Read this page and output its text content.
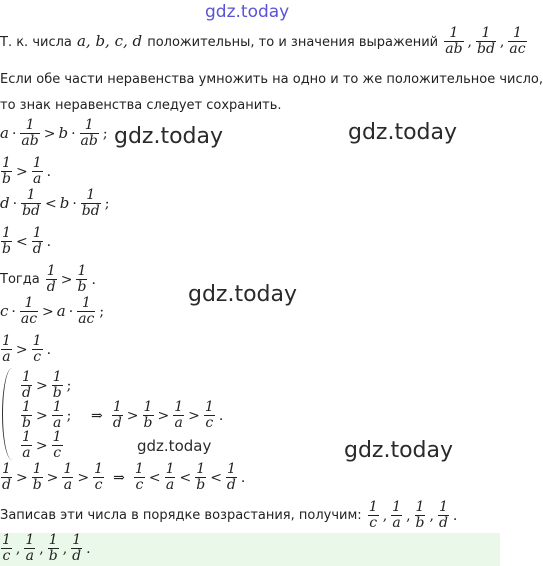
gdz.today
Т. к. числа a, b, c, d положительны, то и значения выражений $\frac{1}{ab}$ , $\frac{1}{bd}$ , $\frac{1}{ac}$
Если обе части неравенства умножить на одно и то же положительное число,
то знак неравенства следует сохранить.
$a \cdot \frac{1}{ab} > b \cdot \frac{1}{ab}$ ;
$\frac{1}{b} > \frac{1}{a}$ .
$d \cdot \frac{1}{bd} < b \cdot \frac{1}{bd}$ ;
$\frac{1}{b} < \frac{1}{d}$ .
Тогда $\frac{1}{d} > \frac{1}{b}$ .
$c \cdot \frac{1}{ac} > a \cdot \frac{1}{ac}$ ;
$\frac{1}{a} > \frac{1}{c}$ .
$\frac{1}{d} > \frac{1}{b}$ ;
$\frac{1}{b} > \frac{1}{a}$ ;
$\frac{1}{a} > \frac{1}{c}$
⇒ $\frac{1}{d} > \frac{1}{b} > \frac{1}{a} > \frac{1}{c}$ .
$\frac{1}{d} > \frac{1}{b} > \frac{1}{a} > \frac{1}{c}$ ⇒ $\frac{1}{c} < \frac{1}{a} < \frac{1}{b} < \frac{1}{d}$ .
Записав эти числа в порядке возрастания, получим: $\frac{1}{c}$ , $\frac{1}{a}$ , $\frac{1}{b}$ , $\frac{1}{d}$ .
$\frac{1}{c}$ , $\frac{1}{a}$ , $\frac{1}{b}$ , $\frac{1}{d}$ .
gdz.today	gdz.today
gdz.today
gdz.today	gdz.today
